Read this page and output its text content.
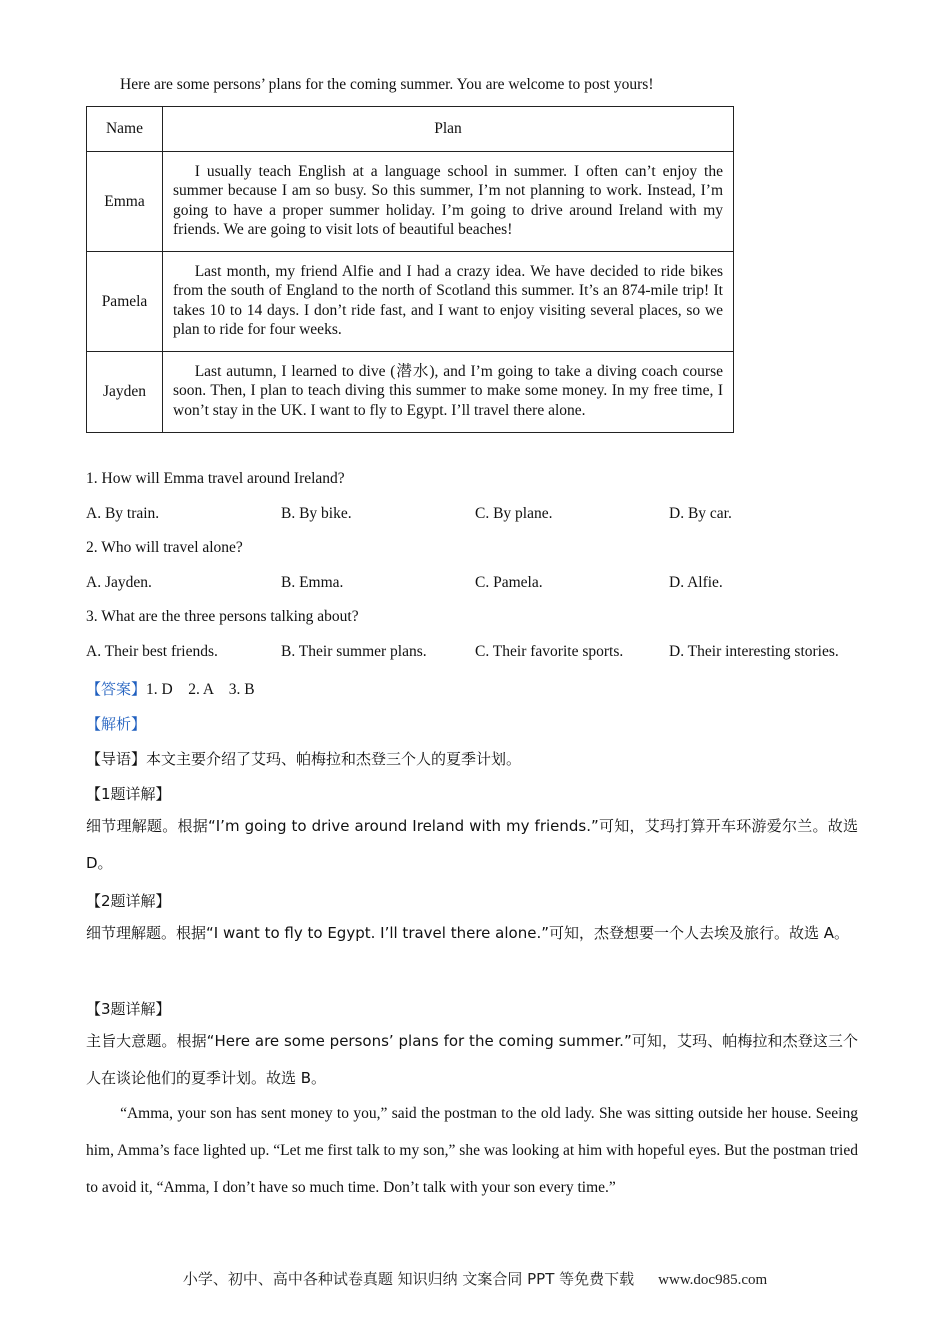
Here are some persons’ plans for the coming summer. You are welcome to post yours!
Name	Plan
Emma	I usually teach English at a language school in summer. I often can’t enjoy the summer because I am so busy. So this summer, I’m not planning to work. Instead, I’m going to have a proper summer holiday. I’m going to drive around Ireland with my friends. We are going to visit lots of beautiful beaches!
Pamela	Last month, my friend Alfie and I had a crazy idea. We have decided to ride bikes from the south of England to the north of Scotland this summer. It’s an 874-mile trip! It takes 10 to 14 days. I don’t ride fast, and I want to enjoy visiting several places, so we plan to ride for four weeks.
Jayden	Last autumn, I learned to dive (潜水), and I’m going to take a diving coach course soon. Then, I plan to teach diving this summer to make some money. In my free time, I won’t stay in the UK. I want to fly to Egypt. I’ll travel there alone.
1. How will Emma travel around Ireland?
A. By train.	B. By bike.	C. By plane.	D. By car.
2. Who will travel alone?
A. Jayden.	B. Emma.	C. Pamela.	D. Alfie.
3. What are the three persons talking about?
A. Their best friends.	B. Their summer plans.	C. Their favorite sports.	D. Their interesting stories.
【答案】1. D    2. A    3. B
【解析】
【导语】本文主要介绍了艾玛、帕梅拉和杰登三个人的夏季计划。
【1题详解】
细节理解题。根据“I’m going to drive around Ireland with my friends.”可知，艾玛打算开车环游爱尔兰。故选 D。
【2题详解】
细节理解题。根据“I want to fly to Egypt. I’ll travel there alone.”可知，杰登想要一个人去埃及旅行。故选 A。
【3题详解】
主旨大意题。根据“Here are some persons’ plans for the coming summer.”可知，艾玛、帕梅拉和杰登这三个人在谈论他们的夏季计划。故选 B。
“Amma, your son has sent money to you,” said the postman to the old lady. She was sitting outside her house. Seeing him, Amma’s face lighted up. “Let me first talk to my son,” she was looking at him with hopeful eyes. But the postman tried to avoid it, “Amma, I don’t have so much time. Don’t talk with your son every time.”
小学、初中、高中各种试卷真题 知识归纳 文案合同 PPT 等免费下载 www.doc985.com
